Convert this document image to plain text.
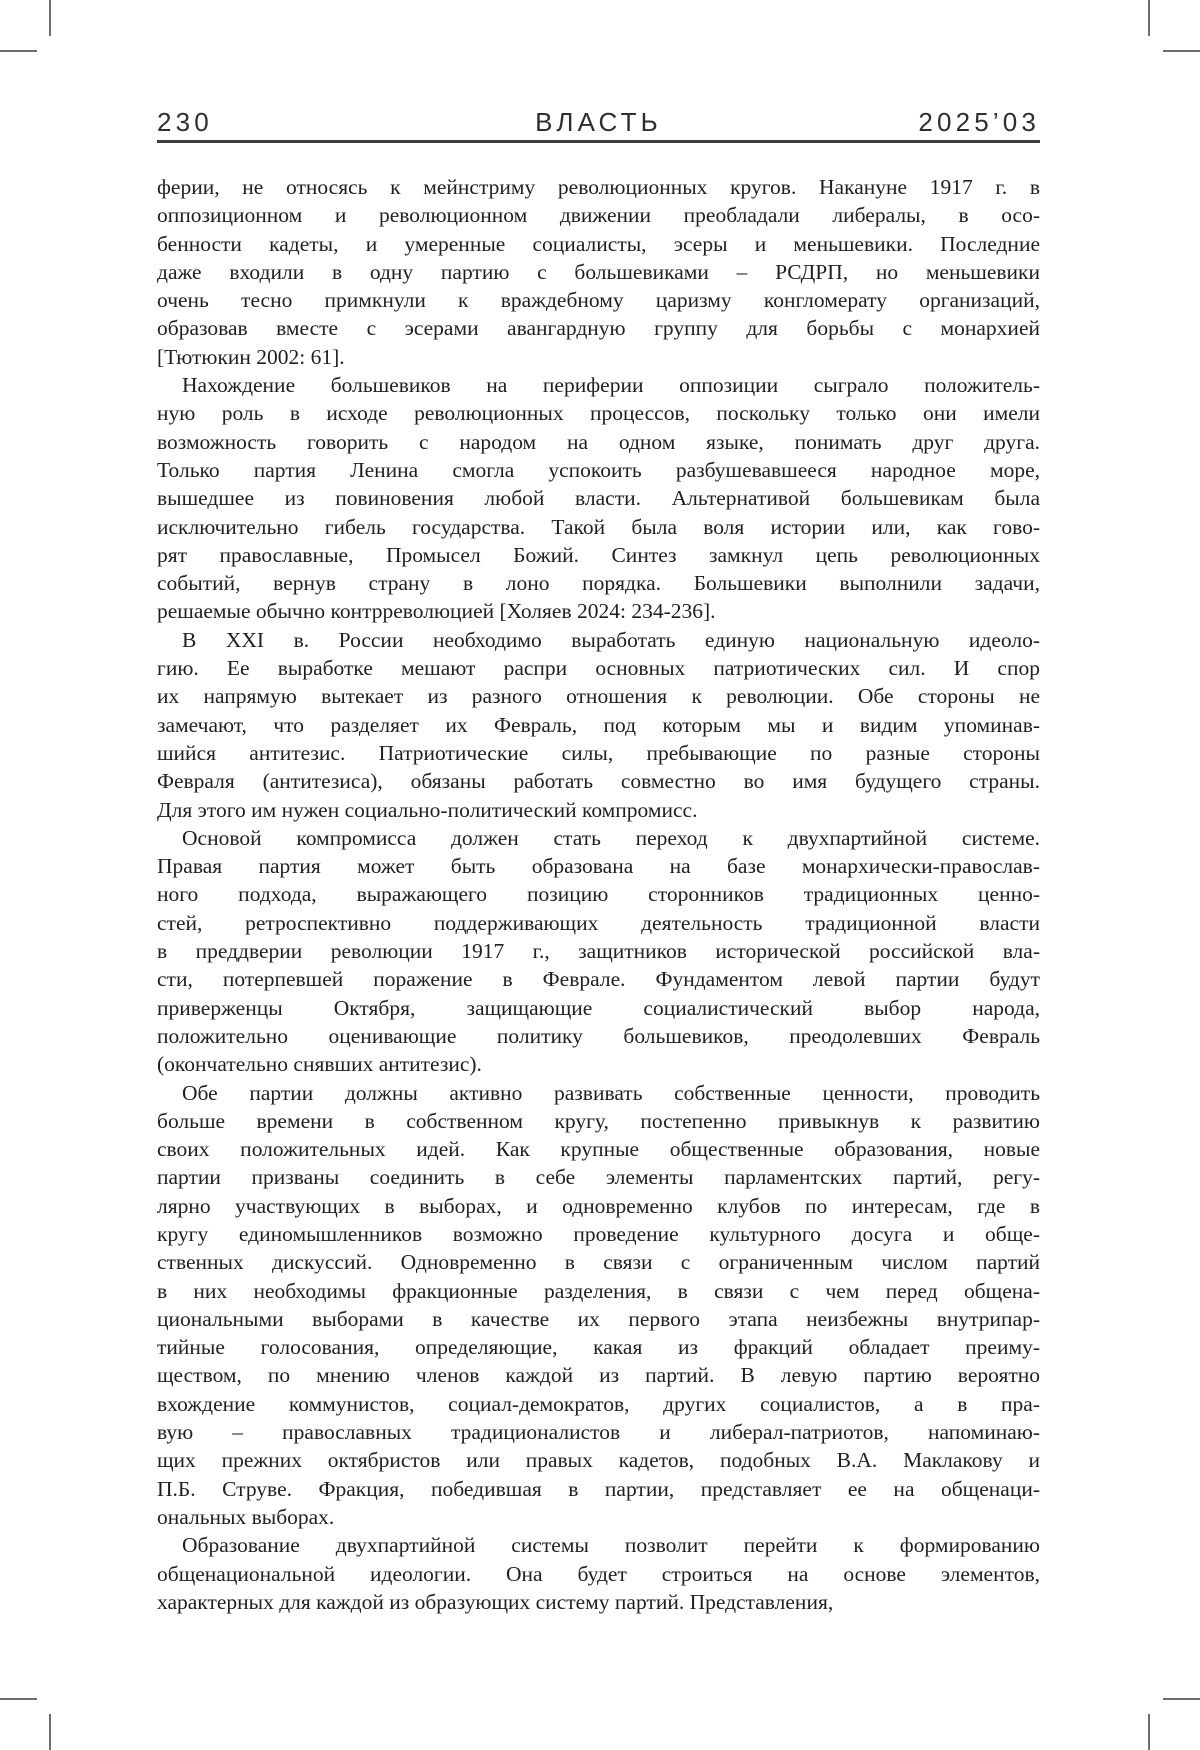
230	ВЛАСТЬ	2025’03
ферии, не относясь к мейнстриму революционных кругов. Накануне 1917 г. в
оппозиционном и революционном движении преобладали либералы, в осо-
бенности кадеты, и умеренные социалисты, эсеры и меньшевики. Последние
даже входили в одну партию с большевиками – РСДРП, но меньшевики
очень тесно примкнули к враждебному царизму конгломерату организаций,
образовав вместе с эсерами авангардную группу для борьбы с монархией
[Тютюкин 2002: 61].
Нахождение большевиков на периферии оппозиции сыграло положитель-
ную роль в исходе революционных процессов, поскольку только они имели
возможность говорить с народом на одном языке, понимать друг друга.
Только партия Ленина смогла успокоить разбушевавшееся народное море,
вышедшее из повиновения любой власти. Альтернативой большевикам была
исключительно гибель государства. Такой была воля истории или, как гово-
рят православные, Промысел Божий. Синтез замкнул цепь революционных
событий, вернув страну в лоно порядка. Большевики выполнили задачи,
решаемые обычно контрреволюцией [Холяев 2024: 234-236].
В XXI в. России необходимо выработать единую национальную идеоло-
гию. Ее выработке мешают распри основных патриотических сил. И спор
их напрямую вытекает из разного отношения к революции. Обе стороны не
замечают, что разделяет их Февраль, под которым мы и видим упоминав-
шийся антитезис. Патриотические силы, пребывающие по разные стороны
Февраля (антитезиса), обязаны работать совместно во имя будущего страны.
Для этого им нужен социально-политический компромисс.
Основой компромисса должен стать переход к двухпартийной системе.
Правая партия может быть образована на базе монархически-православ-
ного подхода, выражающего позицию сторонников традиционных ценно-
стей, ретроспективно поддерживающих деятельность традиционной власти
в преддверии революции 1917 г., защитников исторической российской вла-
сти, потерпевшей поражение в Феврале. Фундаментом левой партии будут
приверженцы Октября, защищающие социалистический выбор народа,
положительно оценивающие политику большевиков, преодолевших Февраль
(окончательно снявших антитезис).
Обе партии должны активно развивать собственные ценности, проводить
больше времени в собственном кругу, постепенно привыкнув к развитию
своих положительных идей. Как крупные общественные образования, новые
партии призваны соединить в себе элементы парламентских партий, регу-
лярно участвующих в выборах, и одновременно клубов по интересам, где в
кругу единомышленников возможно проведение культурного досуга и обще-
ственных дискуссий. Одновременно в связи с ограниченным числом партий
в них необходимы фракционные разделения, в связи с чем перед общена-
циональными выборами в качестве их первого этапа неизбежны внутрипар-
тийные голосования, определяющие, какая из фракций обладает преиму-
ществом, по мнению членов каждой из партий. В левую партию вероятно
вхождение коммунистов, социал-демократов, других социалистов, а в пра-
вую – православных традиционалистов и либерал-патриотов, напоминаю-
щих прежних октябристов или правых кадетов, подобных В.А. Маклакову и
П.Б. Струве. Фракция, победившая в партии, представляет ее на общенаци-
ональных выборах.
Образование двухпартийной системы позволит перейти к формированию
общенациональной идеологии. Она будет строиться на основе элементов,
характерных для каждой из образующих систему партий. Представления,
